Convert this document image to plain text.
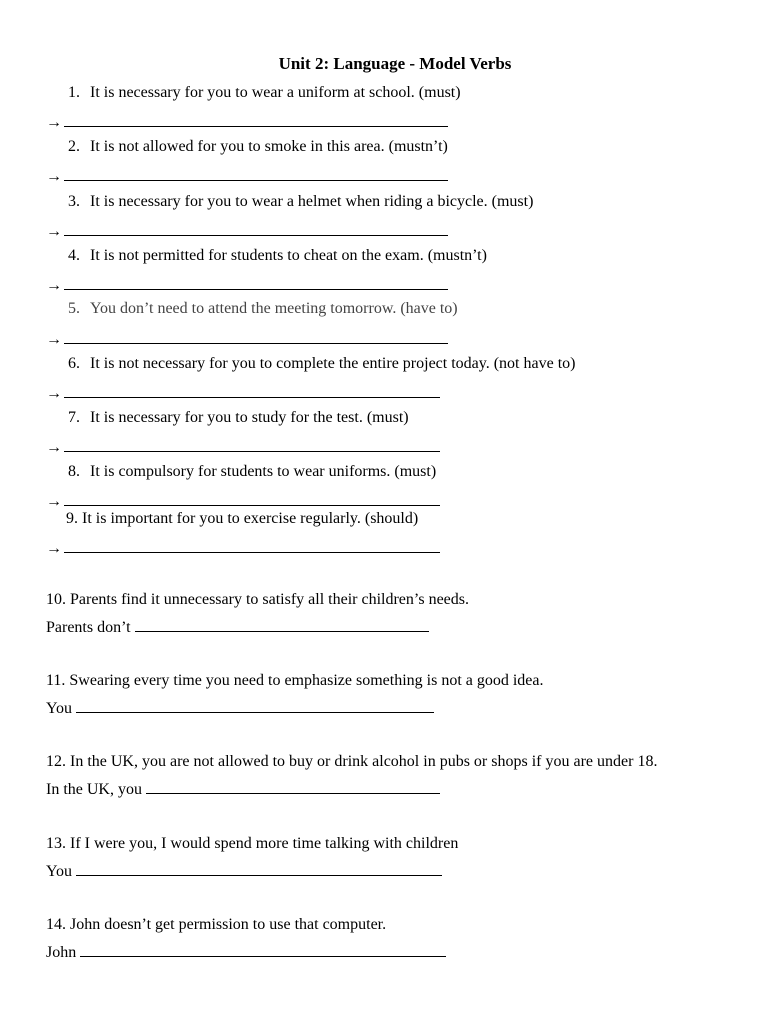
Unit 2: Language - Model Verbs
1. It is necessary for you to wear a uniform at school. (must)
→
2. It is not allowed for you to smoke in this area. (mustn’t)
→
3. It is necessary for you to wear a helmet when riding a bicycle. (must)
→
4. It is not permitted for students to cheat on the exam. (mustn’t)
→
5. You don’t need to attend the meeting tomorrow. (have to)
→
6. It is not necessary for you to complete the entire project today. (not have to)
→
7. It is necessary for you to study for the test. (must)
→
8. It is compulsory for students to wear uniforms. (must)
→
9. It is important for you to exercise regularly. (should)
→
10. Parents find it unnecessary to satisfy all their children’s needs.
Parents don’t
11. Swearing every time you need to emphasize something is not a good idea.
You
12. In the UK, you are not allowed to buy or drink alcohol in pubs or shops if you are under 18.
In the UK, you
13. If I were you, I would spend more time talking with children
You
14. John doesn’t get permission to use that computer.
John
